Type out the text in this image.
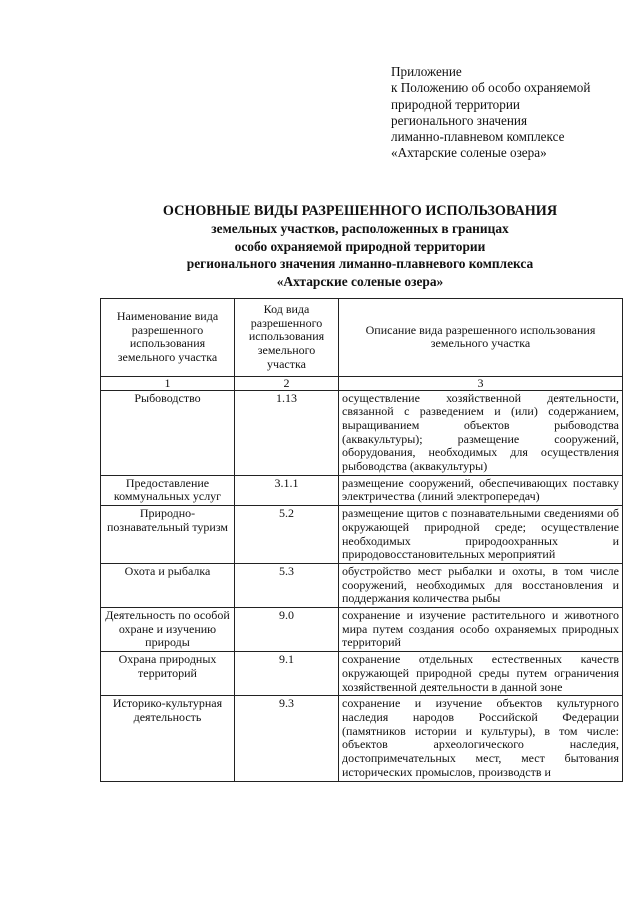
Приложение
к Положению об особо охраняемой
природной территории
регионального значения
лиманно-плавневом комплексе
«Ахтарские соленые озера»
ОСНОВНЫЕ ВИДЫ РАЗРЕШЕННОГО ИСПОЛЬЗОВАНИЯ
земельных участков, расположенных в границах
особо охраняемой природной территории
регионального значения лиманно-плавневого комплекса
«Ахтарские соленые озера»
Наименование вида разрешенного использования земельного участка	Код вида разрешенного использования земельного участка	Описание вида разрешенного использования земельного участка
1	2	3
Рыбоводство	1.13	осуществление хозяйственной деятельности, связанной с разведением и (или) содержанием, выращиванием объектов рыбоводства (аквакультуры); размещение сооружений, оборудования, необходимых для осуществления рыбоводства (аквакультуры)
Предоставление коммунальных услуг	3.1.1	размещение сооружений, обеспечивающих поставку электричества (линий электропередач)
Природно-познавательный туризм	5.2	размещение щитов с познавательными сведениями об окружающей природной среде; осуществление необходимых природоохранных и природовосстановительных мероприятий
Охота и рыбалка	5.3	обустройство мест рыбалки и охоты, в том числе сооружений, необходимых для восстановления и поддержания количества рыбы
Деятельность по особой охране и изучению природы	9.0	сохранение и изучение растительного и животного мира путем создания особо охраняемых природных территорий
Охрана природных территорий	9.1	сохранение отдельных естественных качеств окружающей природной среды путем ограничения хозяйственной деятельности в данной зоне
Историко-культурная деятельность	9.3	сохранение и изучение объектов культурного наследия народов Российской Федерации (памятников истории и культуры), в том числе: объектов археологического наследия, достопримечательных мест, мест бытования исторических промыслов, производств и
